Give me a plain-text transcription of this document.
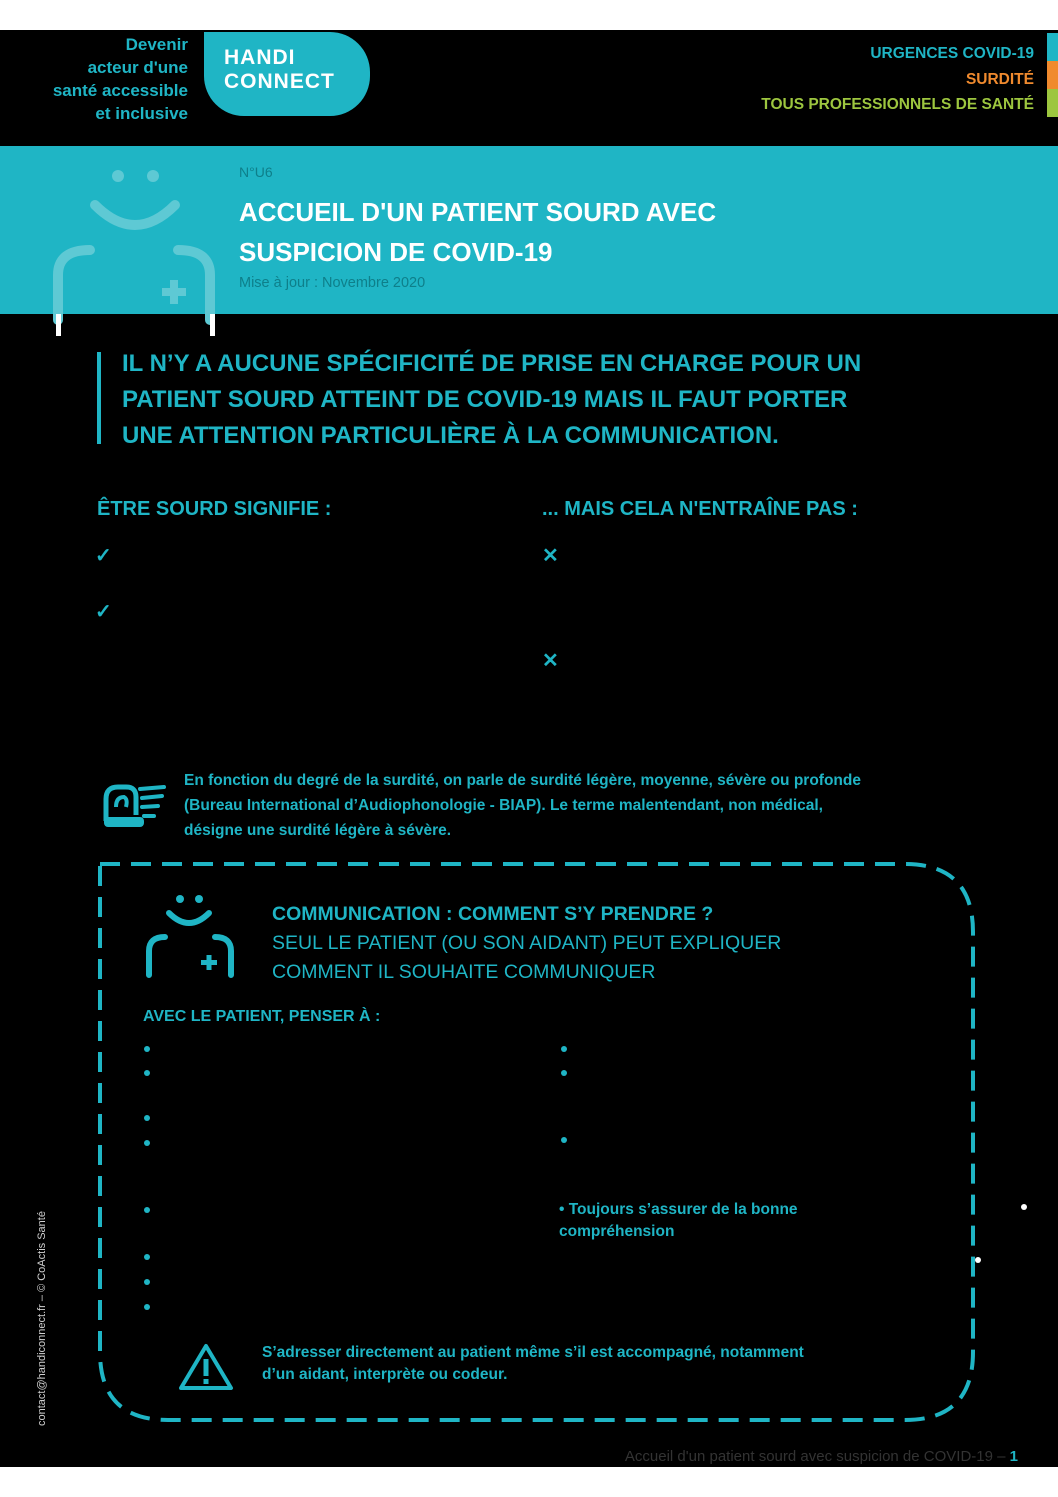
Devenir
acteur d'une
santé accessible
et inclusive
HANDI
CONNECT
URGENCES COVID-19
SURDITÉ
TOUS PROFESSIONNELS DE SANTÉ
N°U6
ACCUEIL D'UN PATIENT SOURD AVEC
SUSPICION DE COVID-19
Mise à jour : Novembre 2020
IL N’Y A AUCUNE SPÉCIFICITÉ DE PRISE EN CHARGE POUR UN
PATIENT SOURD ATTEINT DE COVID-19 MAIS IL FAUT PORTER
UNE ATTENTION PARTICULIÈRE À LA COMMUNICATION.
ÊTRE SOURD SIGNIFIE :	... MAIS CELA N'ENTRAÎNE PAS :
✓
✓
✕
✕
En fonction du degré de la surdité, on parle de surdité légère, moyenne, sévère ou profonde
(Bureau International d’Audiophonologie - BIAP). Le terme malentendant, non médical,
désigne une surdité légère à sévère.
COMMUNICATION : COMMENT S’Y PRENDRE ?
SEUL LE PATIENT (OU SON AIDANT) PEUT EXPLIQUER
COMMENT IL SOUHAITE COMMUNIQUER
AVEC LE PATIENT, PENSER À :
• Toujours s’assurer de la bonne
compréhension
S’adresser directement au patient même s’il est accompagné, notamment
d’un aidant, interprète ou codeur.
contact@handiconnect.fr – © CoActis Santé
Accueil d'un patient sourd avec suspicion de COVID-19 – 1
